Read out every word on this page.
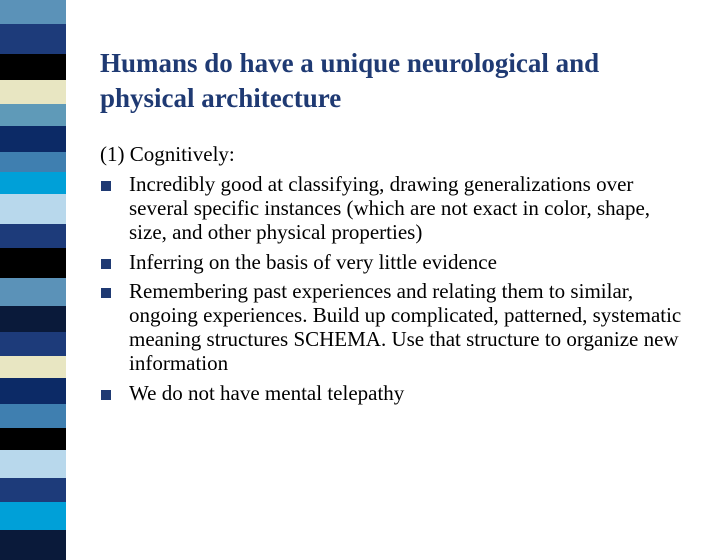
Humans do have a unique neurological and physical architecture
(1) Cognitively:
Incredibly good at classifying, drawing generalizations over several specific instances (which are not exact in color, shape, size, and other physical properties)
Inferring on the basis of very little evidence
Remembering past experiences and relating them to similar, ongoing experiences. Build up complicated, patterned, systematic meaning structures SCHEMA. Use that structure to organize new information
We do not have mental telepathy
